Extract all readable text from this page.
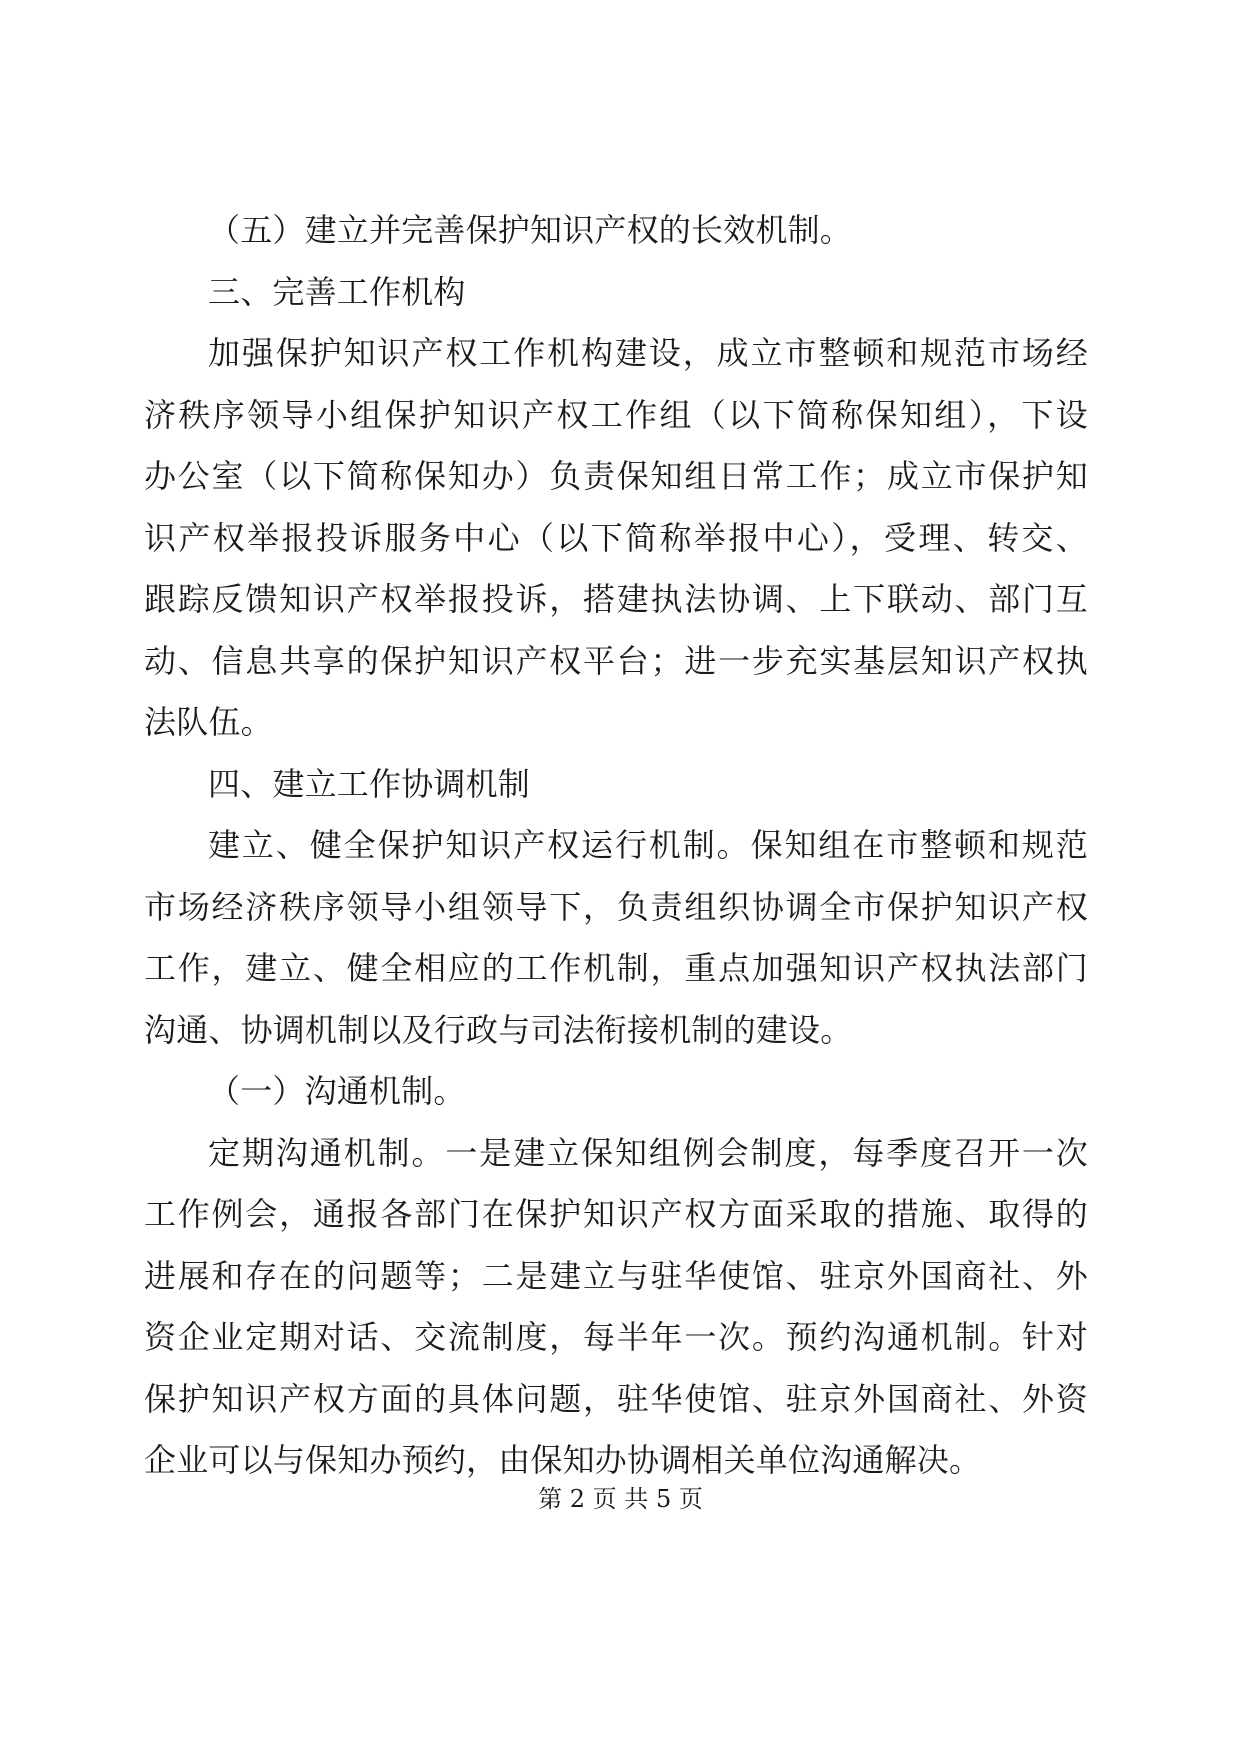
（五）建立并完善保护知识产权的长效机制。
三、完善工作机构
加强保护知识产权工作机构建设，成立市整顿和规范市场经
济秩序领导小组保护知识产权工作组（以下简称保知组），下设
办公室（以下简称保知办）负责保知组日常工作；成立市保护知
识产权举报投诉服务中心（以下简称举报中心），受理、转交、
跟踪反馈知识产权举报投诉，搭建执法协调、上下联动、部门互
动、信息共享的保护知识产权平台；进一步充实基层知识产权执
法队伍。
四、建立工作协调机制
建立、健全保护知识产权运行机制。保知组在市整顿和规范
市场经济秩序领导小组领导下，负责组织协调全市保护知识产权
工作，建立、健全相应的工作机制，重点加强知识产权执法部门
沟通、协调机制以及行政与司法衔接机制的建设。
（一）沟通机制。
定期沟通机制。一是建立保知组例会制度，每季度召开一次
工作例会，通报各部门在保护知识产权方面采取的措施、取得的
进展和存在的问题等；二是建立与驻华使馆、驻京外国商社、外
资企业定期对话、交流制度，每半年一次。预约沟通机制。针对
保护知识产权方面的具体问题，驻华使馆、驻京外国商社、外资
企业可以与保知办预约，由保知办协调相关单位沟通解决。
第 2 页 共 5 页
